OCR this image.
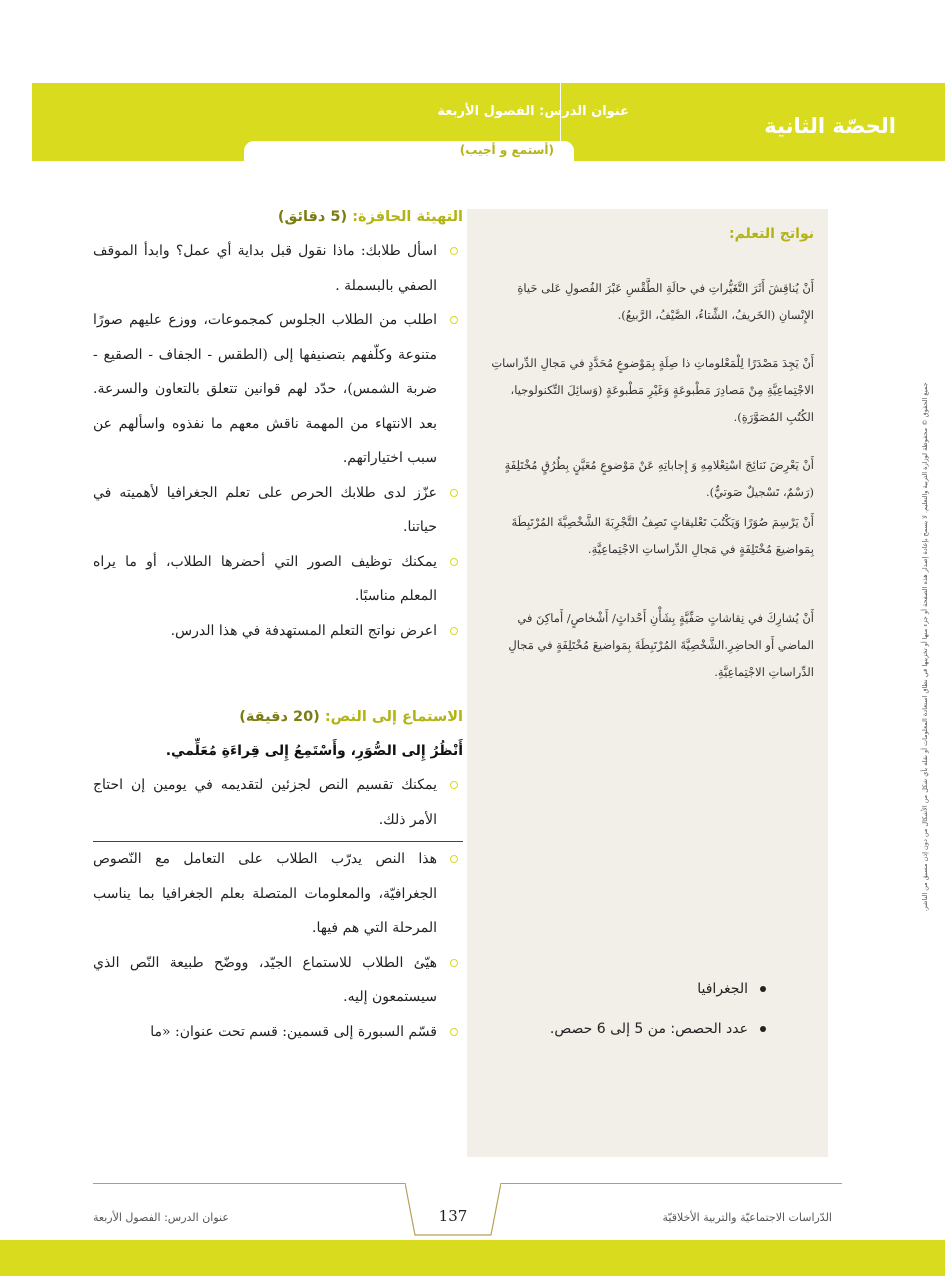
الحصّة الثانية
عنوان الدرس: الفصول الأربعة
(أستمع و أجيب)
جميع الحقوق © محفوظة لوزارة التربية والتعليم. لا يسمح بإعادة إصدار هذه الصفحة أو جزء منها أو تخزينها في نطاق استعادة المعلومات أو نقله بأي شكل من الأشكال من دون إذن مسبق من الناشر.
نواتج التعلم:
أَنْ يُناقِشَ أَثَرَ التَّغَيُّراتِ في حالَةِ الطَّقْسِ عَبْرَ الفُصولِ عَلى حَياةِ الإِنْسانِ (الخَريفُ، الشِّتاءُ، الصَّيْفُ، الرَّبيعُ).
أَنْ يَجِدَ مَصْدَرًا لِلْمَعْلوماتِ ذا صِلَةٍ بِمَوْضوعٍ مُحَدَّدٍ في مَجالِ الدِّراساتِ الاجْتِماعِيَّةِ مِنْ مَصادِرَ مَطْبوعَةٍ وَغَيْرِ مَطْبوعَةٍ (وَسائِلَ التِّكنولوجيا، الكُتُبِ المُصَوَّرَةِ).
أَنْ يَعْرِضَ نَتائِجَ اسْتِعْلامِهِ وَ إِجاباتِهِ عَنْ مَوْضوعٍ مُعَيَّنٍ بِطُرُقٍ مُخْتَلِفَةٍ (رَسْمٌ، تَسْجيلٌ صَوتيٌّ).
أَنْ يَرْسِمَ صُوَرًا وَيَكْتُبَ تَعْليقاتٍ تَصِفُ التَّجْرِبَةَ الشَّخْصِيَّةَ المُرْتَبِطَةَ بِمَواضيعَ مُخْتَلِفَةٍ في مَجالِ الدِّراساتِ الاجْتِماعِيَّةِ.
أَنْ يُشارِكَ في نِقاشاتٍ صَفِّيَّةٍ بِشَأْنِ أَحْداثٍ/ أَشْخاصٍ/ أَماكِنَ في الماضي أَو الحاضِرِ.الشَّخْصِيَّةَ المُرْتَبِطَةَ بِمَواضيعَ مُخْتَلِفَةٍ في مَجالِ الدِّراساتِ الاجْتِماعِيَّةِ.
الجغرافيا
عدد الحصص: من 5 إلى 6 حصص.
التهيئة الحافزة: (5 دقائق)
اسأل طلابك: ماذا نقول قبل بداية أي عمل؟ وابدأ الموقف الصفي بالبسملة .
اطلب من الطلاب الجلوس كمجموعات، ووزع عليهم صورًا متنوعة وكلّفهم بتصنيفها إلى (الطقس - الجفاف - الصقيع - ضربة الشمس)، حدّد لهم قوانين تتعلق بالتعاون والسرعة. بعد الانتهاء من المهمة ناقش معهم ما نفذوه واسألهم عن سبب اختياراتهم.
عزّز لدى طلابك الحرص على تعلم الجغرافيا لأهميته في حياتنا.
يمكنك توظيف الصور التي أحضرها الطلاب، أو ما يراه المعلم مناسبًا.
اعرض نواتج التعلم المستهدفة في هذا الدرس.
الاستماع إلى النص: (20 دقيقة)

أَنْظُرُ إِلى الصُّوَرِ، وأَسْتَمِعُ إِلى قِراءَةِ مُعَلِّمي.

يمكنك تقسيم النص لجزئين لتقديمه في يومين إن احتاج الأمر ذلك.
هذا النص يدرّب الطلاب على التعامل مع النّصوص الجغرافيّة، والمعلومات المتصلة بعلم الجغرافيا بما يناسب المرحلة التي هم فيها.
هيّئ الطلاب للاستماع الجيّد، ووضّح طبيعة النّص الذي سيستمعون إليه.
قسّم السبورة إلى قسمين: قسم تحت عنوان: «ما
137	الدّراسات الاجتماعيّة والتربية الأخلاقيّة
عنوان الدرس: الفصول الأربعة
